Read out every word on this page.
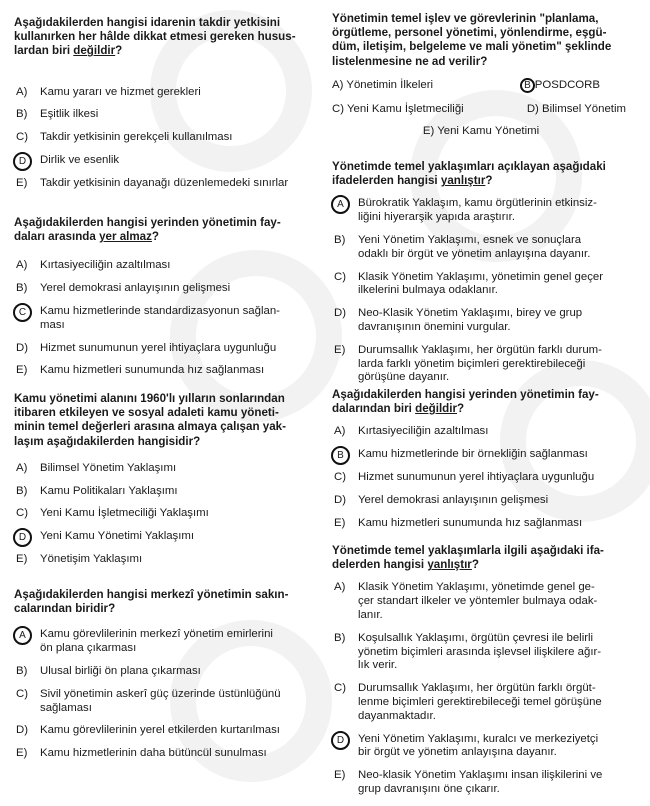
Aşağıdakilerden hangisi idarenin takdir yetkisini
kullanırken her hâlde dikkat etmesi gereken husus-
lardan biri değildir?
A)	Kamu yararı ve hizmet gerekleri
B)	Eşitlik ilkesi
C)	Takdir yetkisinin gerekçeli kullanılması
D	Dirlik ve esenlik
E)	Takdir yetkisinin dayanağı düzenlemedeki sınırlar
Aşağıdakilerden hangisi yerinden yönetimin fay-
daları arasında yer almaz?
A)	Kırtasiyeciliğin azaltılması
B)	Yerel demokrasi anlayışının gelişmesi
C	Kamu hizmetlerinde standardizasyonun sağlan-
ması
D)	Hizmet sunumunun yerel ihtiyaçlara uygunluğu
E)	Kamu hizmetleri sunumunda hız sağlanması
Kamu yönetimi alanını 1960'lı yılların sonlarından
itibaren etkileyen ve sosyal adaleti kamu yöneti-
minin temel değerleri arasına almaya çalışan yak-
laşım aşağıdakilerden hangisidir?
A)	Bilimsel Yönetim Yaklaşımı
B)	Kamu Politikaları Yaklaşımı
C)	Yeni Kamu İşletmeciliği Yaklaşımı
D	Yeni Kamu Yönetimi Yaklaşımı
E)	Yönetişim Yaklaşımı
Aşağıdakilerden hangisi merkezî yönetimin sakın-
calarından biridir?
A	Kamu görevlilerinin merkezî yönetim emirlerini
ön plana çıkarması
B)	Ulusal birliği ön plana çıkarması
C)	Sivil yönetimin askerî güç üzerinde üstünlüğünü
sağlaması
D)	Kamu görevlilerinin yerel etkilerden kurtarılması
E)	Kamu hizmetlerinin daha bütüncül sunulması
Yönetimin temel işlev ve görevlerinin "planlama,
örgütleme, personel yönetimi, yönlendirme, eşgü-
düm, iletişim, belgeleme ve mali yönetim" şeklinde
listelenmesine ne ad verilir?
A) Yönetimin İlkeleri	B POSDCORB
C) Yeni Kamu İşletmeciliği	D) Bilimsel Yönetim
E) Yeni Kamu Yönetimi
Yönetimde temel yaklaşımları açıklayan aşağıdaki
ifadelerden hangisi yanlıştır?
A	Bürokratik Yaklaşım, kamu örgütlerinin etkinsiz-
liğini hiyerarşik yapıda araştırır.
B)	Yeni Yönetim Yaklaşımı, esnek ve sonuçlara
odaklı bir örgüt ve yönetim anlayışına dayanır.
C)	Klasik Yönetim Yaklaşımı, yönetimin genel geçer
ilkelerini bulmaya odaklanır.
D)	Neo-Klasik Yönetim Yaklaşımı, birey ve grup
davranışının önemini vurgular.
E)	Durumsallık Yaklaşımı, her örgütün farklı durum-
larda farklı yönetim biçimleri gerektirebileceği
görüşüne dayanır.
Aşağıdakilerden hangisi yerinden yönetimin fay-
dalarından biri değildir?
A)	Kırtasiyeciliğin azaltılması
B	Kamu hizmetlerinde bir örnekliğin sağlanması
C)	Hizmet sunumunun yerel ihtiyaçlara uygunluğu
D)	Yerel demokrasi anlayışının gelişmesi
E)	Kamu hizmetleri sunumunda hız sağlanması
Yönetimde temel yaklaşımlarla ilgili aşağıdaki ifa-
delerden hangisi yanlıştır?
A)	Klasik Yönetim Yaklaşımı, yönetimde genel ge-
çer standart ilkeler ve yöntemler bulmaya odak-
lanır.
B)	Koşulsallık Yaklaşımı, örgütün çevresi ile belirli
yönetim biçimleri arasında işlevsel ilişkilere ağır-
lık verir.
C)	Durumsallık Yaklaşımı, her örgütün farklı örgüt-
lenme biçimleri gerektirebileceği temel görüşüne
dayanmaktadır.
D	Yeni Yönetim Yaklaşımı, kuralcı ve merkeziyetçi
bir örgüt ve yönetim anlayışına dayanır.
E)	Neo-klasik Yönetim Yaklaşımı insan ilişkilerini ve
grup davranışını öne çıkarır.
